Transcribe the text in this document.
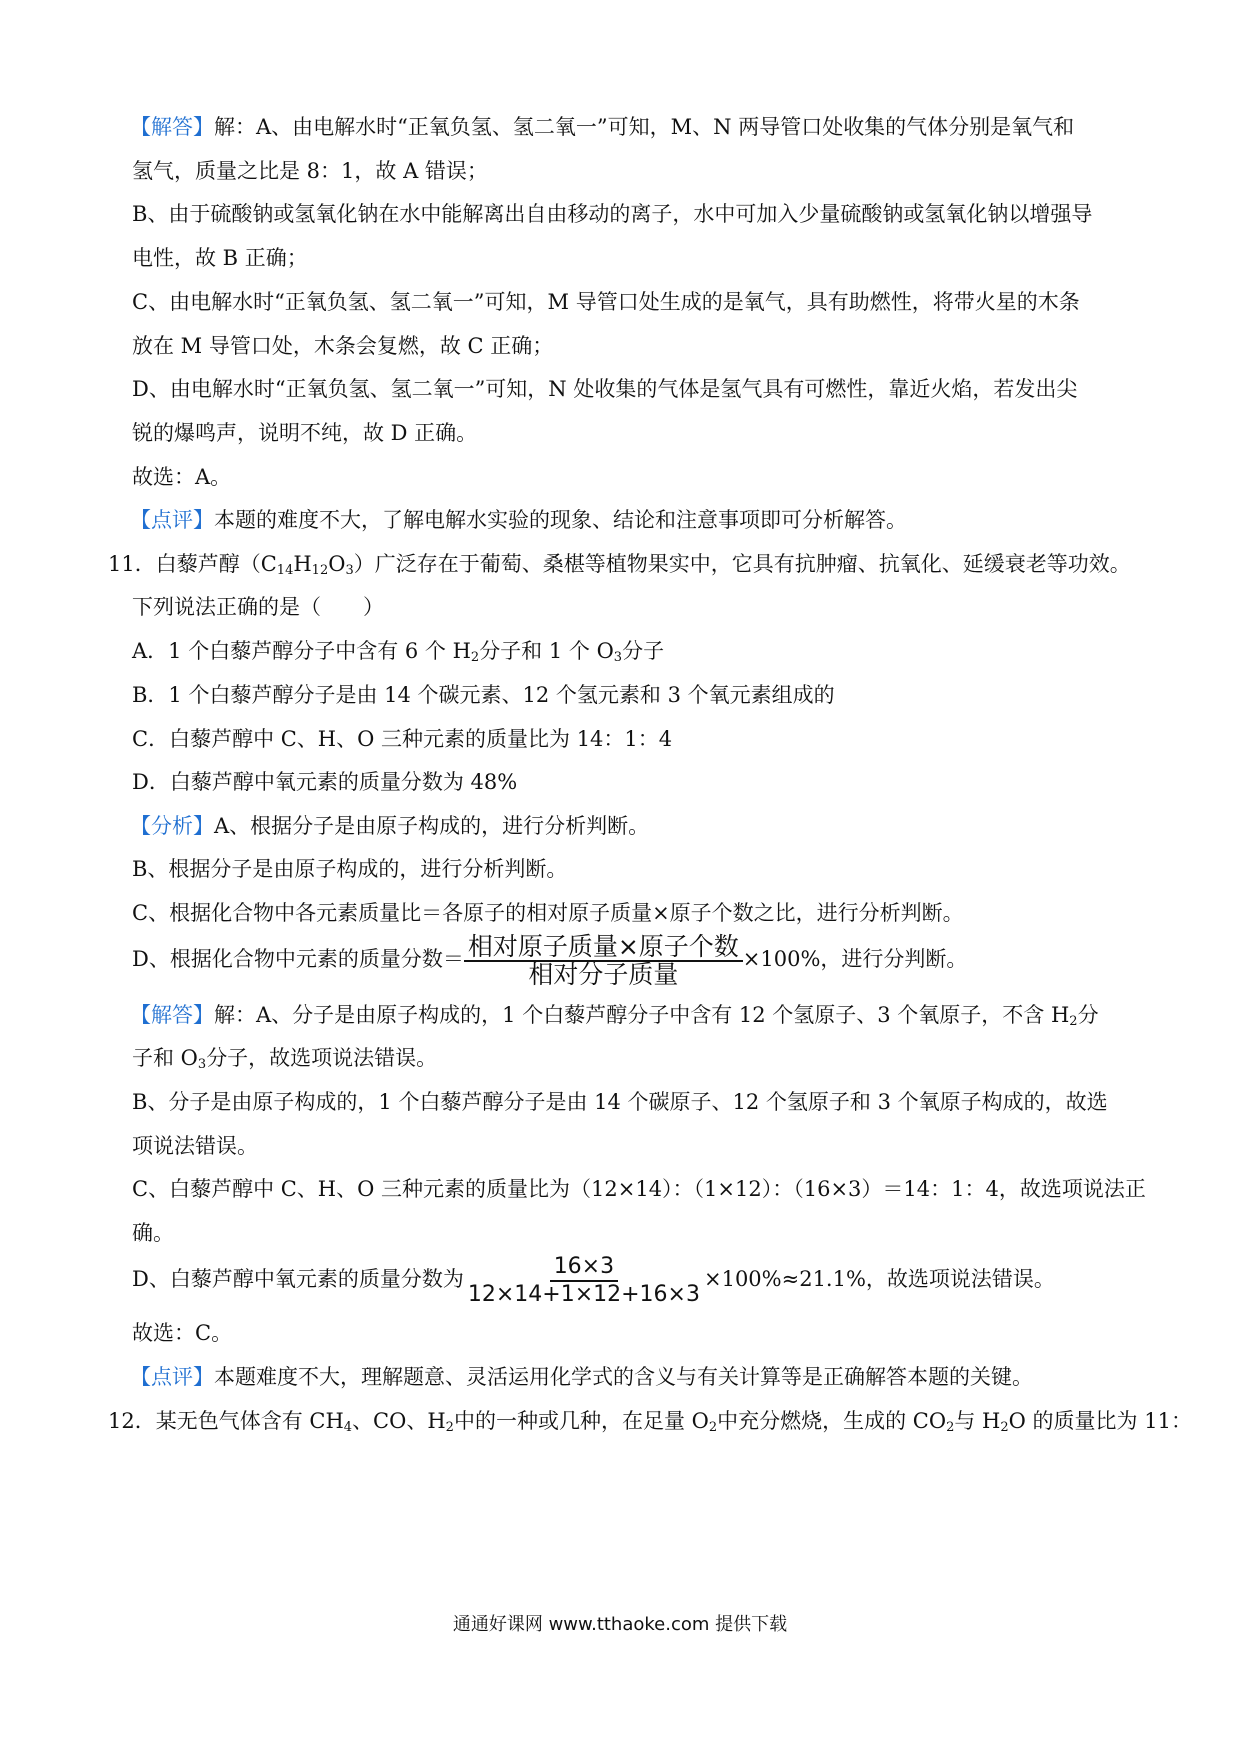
【解答】解：A、由电解水时“正氧负氢、氢二氧一”可知，M、N 两导管口处收集的气体分别是氧气和
氢气，质量之比是 8：1，故 A 错误；
B、由于硫酸钠或氢氧化钠在水中能解离出自由移动的离子，水中可加入少量硫酸钠或氢氧化钠以增强导
电性，故 B 正确；
C、由电解水时“正氧负氢、氢二氧一”可知，M 导管口处生成的是氧气，具有助燃性，将带火星的木条
放在 M 导管口处，木条会复燃，故 C 正确；
D、由电解水时“正氧负氢、氢二氧一”可知，N 处收集的气体是氢气具有可燃性，靠近火焰，若发出尖
锐的爆鸣声，说明不纯，故 D 正确。
故选：A。
【点评】本题的难度不大，了解电解水实验的现象、结论和注意事项即可分析解答。
11．白藜芦醇$(C_{14}H_{12}O_3)$广泛存在于葡萄、桑椹等植物果实中，它具有抗肿瘤、抗氧化、延缓衰老等功效。
下列说法正确的是（　　）
A．1 个白藜芦醇分子中含有 6 个 $H_2$分子和 1 个 $O_3$分子
B．1 个白藜芦醇分子是由 14 个碳元素、12 个氢元素和 3 个氧元素组成的
C．白藜芦醇中 C、H、O 三种元素的质量比为 14：1：4
D．白藜芦醇中氧元素的质量分数为 48%
【分析】A、根据分子是由原子构成的，进行分析判断。
B、根据分子是由原子构成的，进行分析判断。
C、根据化合物中各元素质量比＝各原子的相对原子质量×原子个数之比，进行分析判断。
D、根据化合物中元素的质量分数＝ $\frac{\text{相对原子质量×原子个数}}{\text{相对分子质量}} \times 100\%$，进行分判断。
【解答】解：A、分子是由原子构成的，1 个白藜芦醇分子中含有 12 个氢原子、3 个氧原子，不含 $H_2$分
子和 $O_3$分子，故选项说法错误。
B、分子是由原子构成的，1 个白藜芦醇分子是由 14 个碳原子、12 个氢原子和 3 个氧原子构成的，故选
项说法错误。
C、白藜芦醇中 C、H、O 三种元素的质量比为（12×14）：（1×12）：（16×3）＝14：1：4，故选项说法正
确。
D、白藜芦醇中氧元素的质量分数为 $\frac{16\times 3}{12\times 14+1\times 12+16\times 3} \times 100\%\approx 21.1\%$，故选项说法错误。
故选：C。
【点评】本题难度不大，理解题意、灵活运用化学式的含义与有关计算等是正确解答本题的关键。
12．某无色气体含有 $CH_4$、CO、$H_2$中的一种或几种，在足量 $O_2$中充分燃烧，生成的 $CO_2$与 $H_2O$ 的质量比为 11：
通通好课网 www.tthaoke.com 提供下载
